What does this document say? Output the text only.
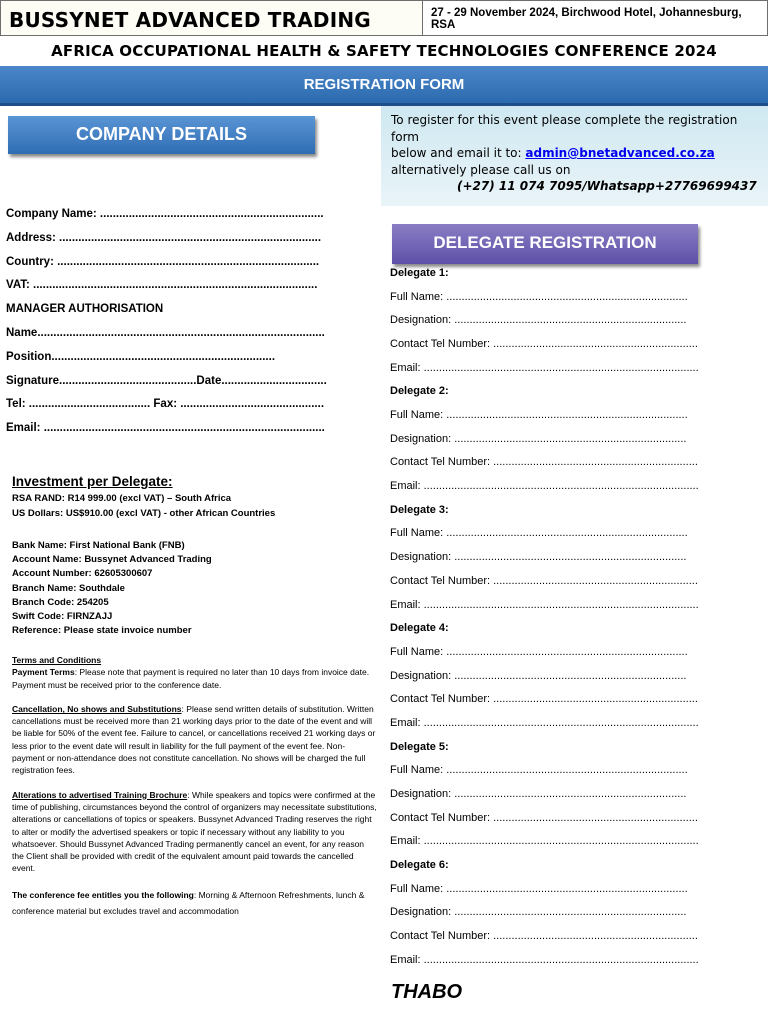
BUSSYNET ADVANCED TRADING	27 - 29 November 2024, Birchwood Hotel, Johannesburg, RSA
AFRICA OCCUPATIONAL HEALTH & SAFETY TECHNOLOGIES CONFERENCE 2024
REGISTRATION FORM
COMPANY DETAILS
To register for this event please complete the registration form
below and email it to: admin@bnetadvanced.co.za
alternatively please call us on
(+27) 11 074 7095/Whatsapp+27769699437
Company Name: ......................................................................
Address: ..................................................................................
Country: ..................................................................................
VAT: .........................................................................................
MANAGER AUTHORISATION
Name..........................................................................................
Position......................................................................
Signature...........................................Date.................................
Tel: ...................................... Fax: .............................................
Email: ........................................................................................
Investment per Delegate:
RSA RAND: R14 999.00 (excl VAT) – South Africa
US Dollars: US$910.00 (excl VAT) - other African Countries
Bank Name: First National Bank (FNB)
Account Name: Bussynet Advanced Trading
Account Number: 62605300607
Branch Name: Southdale
Branch Code: 254205
Swift Code: FIRNZAJJ
Reference: Please state invoice number
Terms and Conditions

Payment Terms: Please note that payment is required no later than 10 days from invoice date. Payment must be received prior to the conference date.

Cancellation, No shows and Substitutions: Please send written details of substitution. Written cancellations must be received more than 21 working days prior to the date of the event and will be liable for 50% of the event fee. Failure to cancel, or cancellations received 21 working days or less prior to the event date will result in liability for the full payment of the event fee. Non-payment or non-attendance does not constitute cancellation. No shows will be charged the full registration fees.

Alterations to advertised Training Brochure: While speakers and topics were confirmed at the time of publishing, circumstances beyond the control of organizers may necessitate substitutions, alterations or cancellations of topics or speakers. Bussynet Advanced Trading reserves the right to alter or modify the advertised speakers or topic if necessary without any liability to you whatsoever. Should Bussynet Advanced Trading permanently cancel an event, for any reason the Client shall be provided with credit of the equivalent amount paid towards the cancelled event.

The conference fee entitles you the following: Morning & Afternoon Refreshments, lunch & conference material but excludes travel and accommodation

DELEGATE REGISTRATION
Delegate 1:
Full Name: ...............................................................................
Designation: ............................................................................
Contact Tel Number: ...................................................................
Email: ..........................................................................................
Delegate 2:
Full Name: ...............................................................................
Designation: ............................................................................
Contact Tel Number: ...................................................................
Email: ..........................................................................................
Delegate 3:
Full Name: ...............................................................................
Designation: ............................................................................
Contact Tel Number: ...................................................................
Email: ..........................................................................................
Delegate 4:
Full Name: ...............................................................................
Designation: ............................................................................
Contact Tel Number: ...................................................................
Email: ..........................................................................................
Delegate 5:
Full Name: ...............................................................................
Designation: ............................................................................
Contact Tel Number: ...................................................................
Email: ..........................................................................................
Delegate 6:
Full Name: ...............................................................................
Designation: ............................................................................
Contact Tel Number: ...................................................................
Email: ..........................................................................................
THABO
